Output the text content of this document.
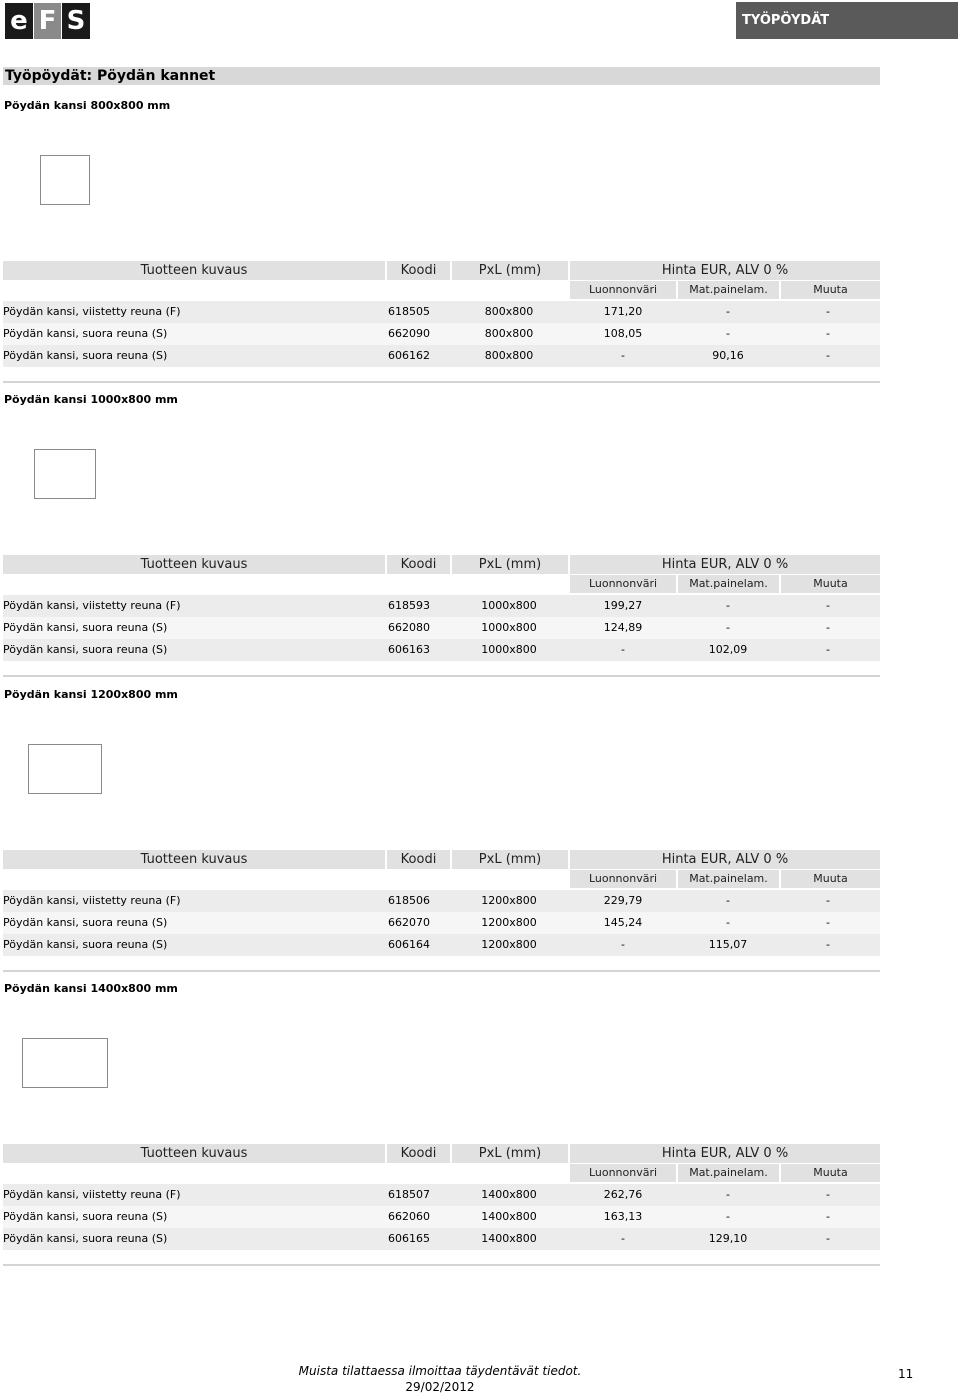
e F S	TYÖPÖYDÄT
Työpöydät: Pöydän kannet
Pöydän kansi 800x800 mm
Tuotteen kuvaus	Koodi	PxL (mm)	Hinta EUR, ALV 0 %
Luonnonväri	Mat.painelam.	Muuta
Pöydän kansi, viistetty reuna (F)	618505	800x800	171,20	-	-
Pöydän kansi, suora reuna (S)	662090	800x800	108,05	-	-
Pöydän kansi, suora reuna (S)	606162	800x800	-	90,16	-
Pöydän kansi 1000x800 mm
Tuotteen kuvaus	Koodi	PxL (mm)	Hinta EUR, ALV 0 %
Luonnonväri	Mat.painelam.	Muuta
Pöydän kansi, viistetty reuna (F)	618593	1000x800	199,27	-	-
Pöydän kansi, suora reuna (S)	662080	1000x800	124,89	-	-
Pöydän kansi, suora reuna (S)	606163	1000x800	-	102,09	-
Pöydän kansi 1200x800 mm
Tuotteen kuvaus	Koodi	PxL (mm)	Hinta EUR, ALV 0 %
Luonnonväri	Mat.painelam.	Muuta
Pöydän kansi, viistetty reuna (F)	618506	1200x800	229,79	-	-
Pöydän kansi, suora reuna (S)	662070	1200x800	145,24	-	-
Pöydän kansi, suora reuna (S)	606164	1200x800	-	115,07	-
Pöydän kansi 1400x800 mm
Tuotteen kuvaus	Koodi	PxL (mm)	Hinta EUR, ALV 0 %
Luonnonväri	Mat.painelam.	Muuta
Pöydän kansi, viistetty reuna (F)	618507	1400x800	262,76	-	-
Pöydän kansi, suora reuna (S)	662060	1400x800	163,13	-	-
Pöydän kansi, suora reuna (S)	606165	1400x800	-	129,10	-
Muista tilattaessa ilmoittaa täydentävät tiedot.
29/02/2012
11
